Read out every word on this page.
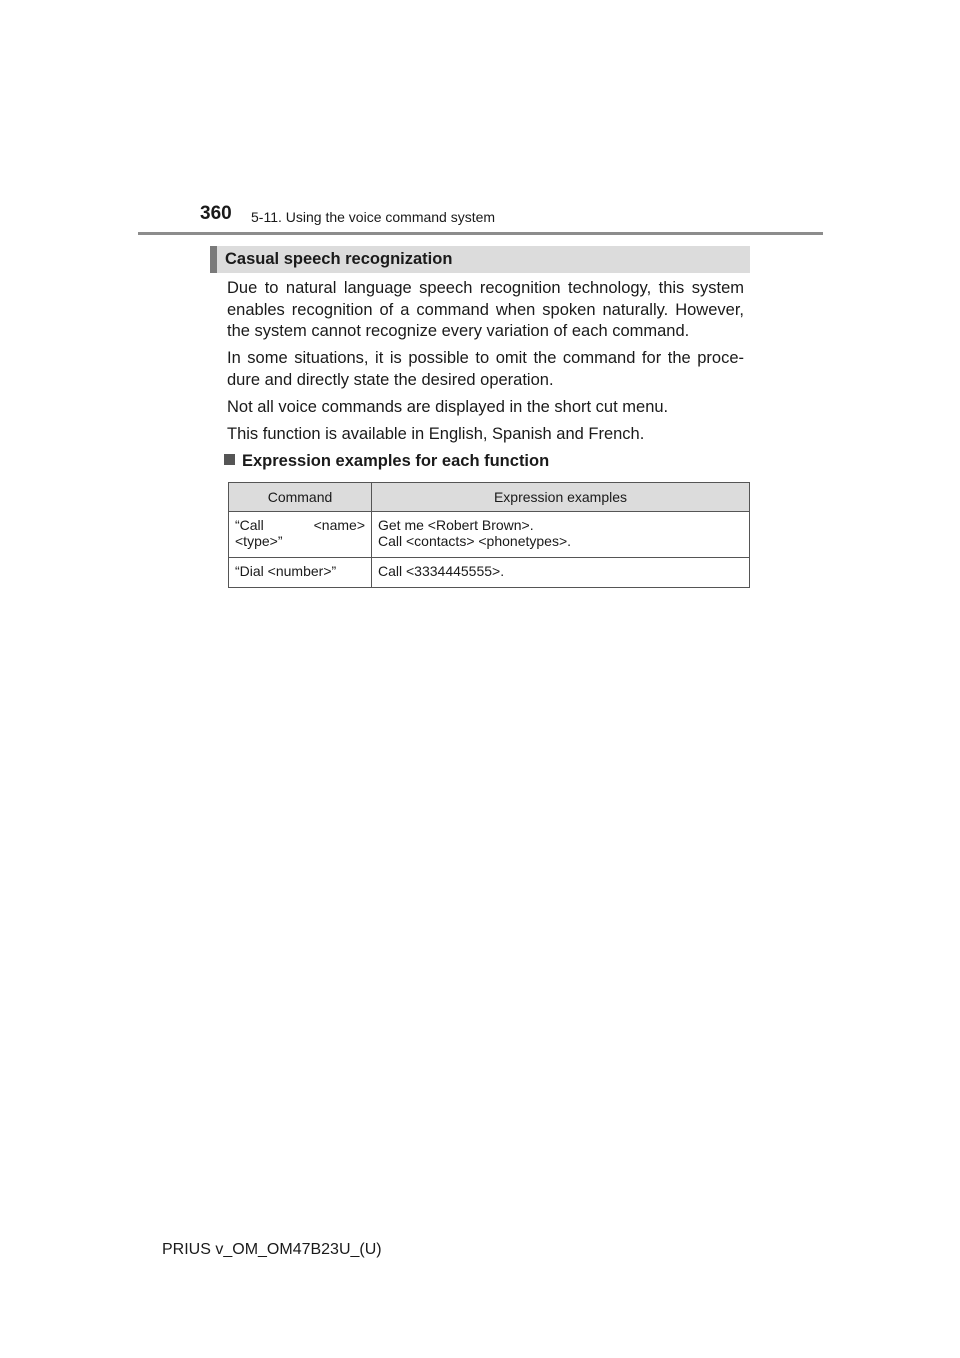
360 5-11. Using the voice command system
Casual speech recognization

Due to natural language speech recognition technology, this system enables recognition of a command when spoken naturally. However, the system cannot recognize every variation of each command.

In some situations, it is possible to omit the command for the proce-dure and directly state the desired operation.

Not all voice commands are displayed in the short cut menu.

This function is available in English, Spanish and French.

Expression examples for each function
Command	Expression examples

“Call <name>
<type>”	Get me <Robert Brown>.
Call <contacts> <phonetypes>.

“Dial <number>”	Call <3334445555>.
PRIUS v_OM_OM47B23U_(U)
